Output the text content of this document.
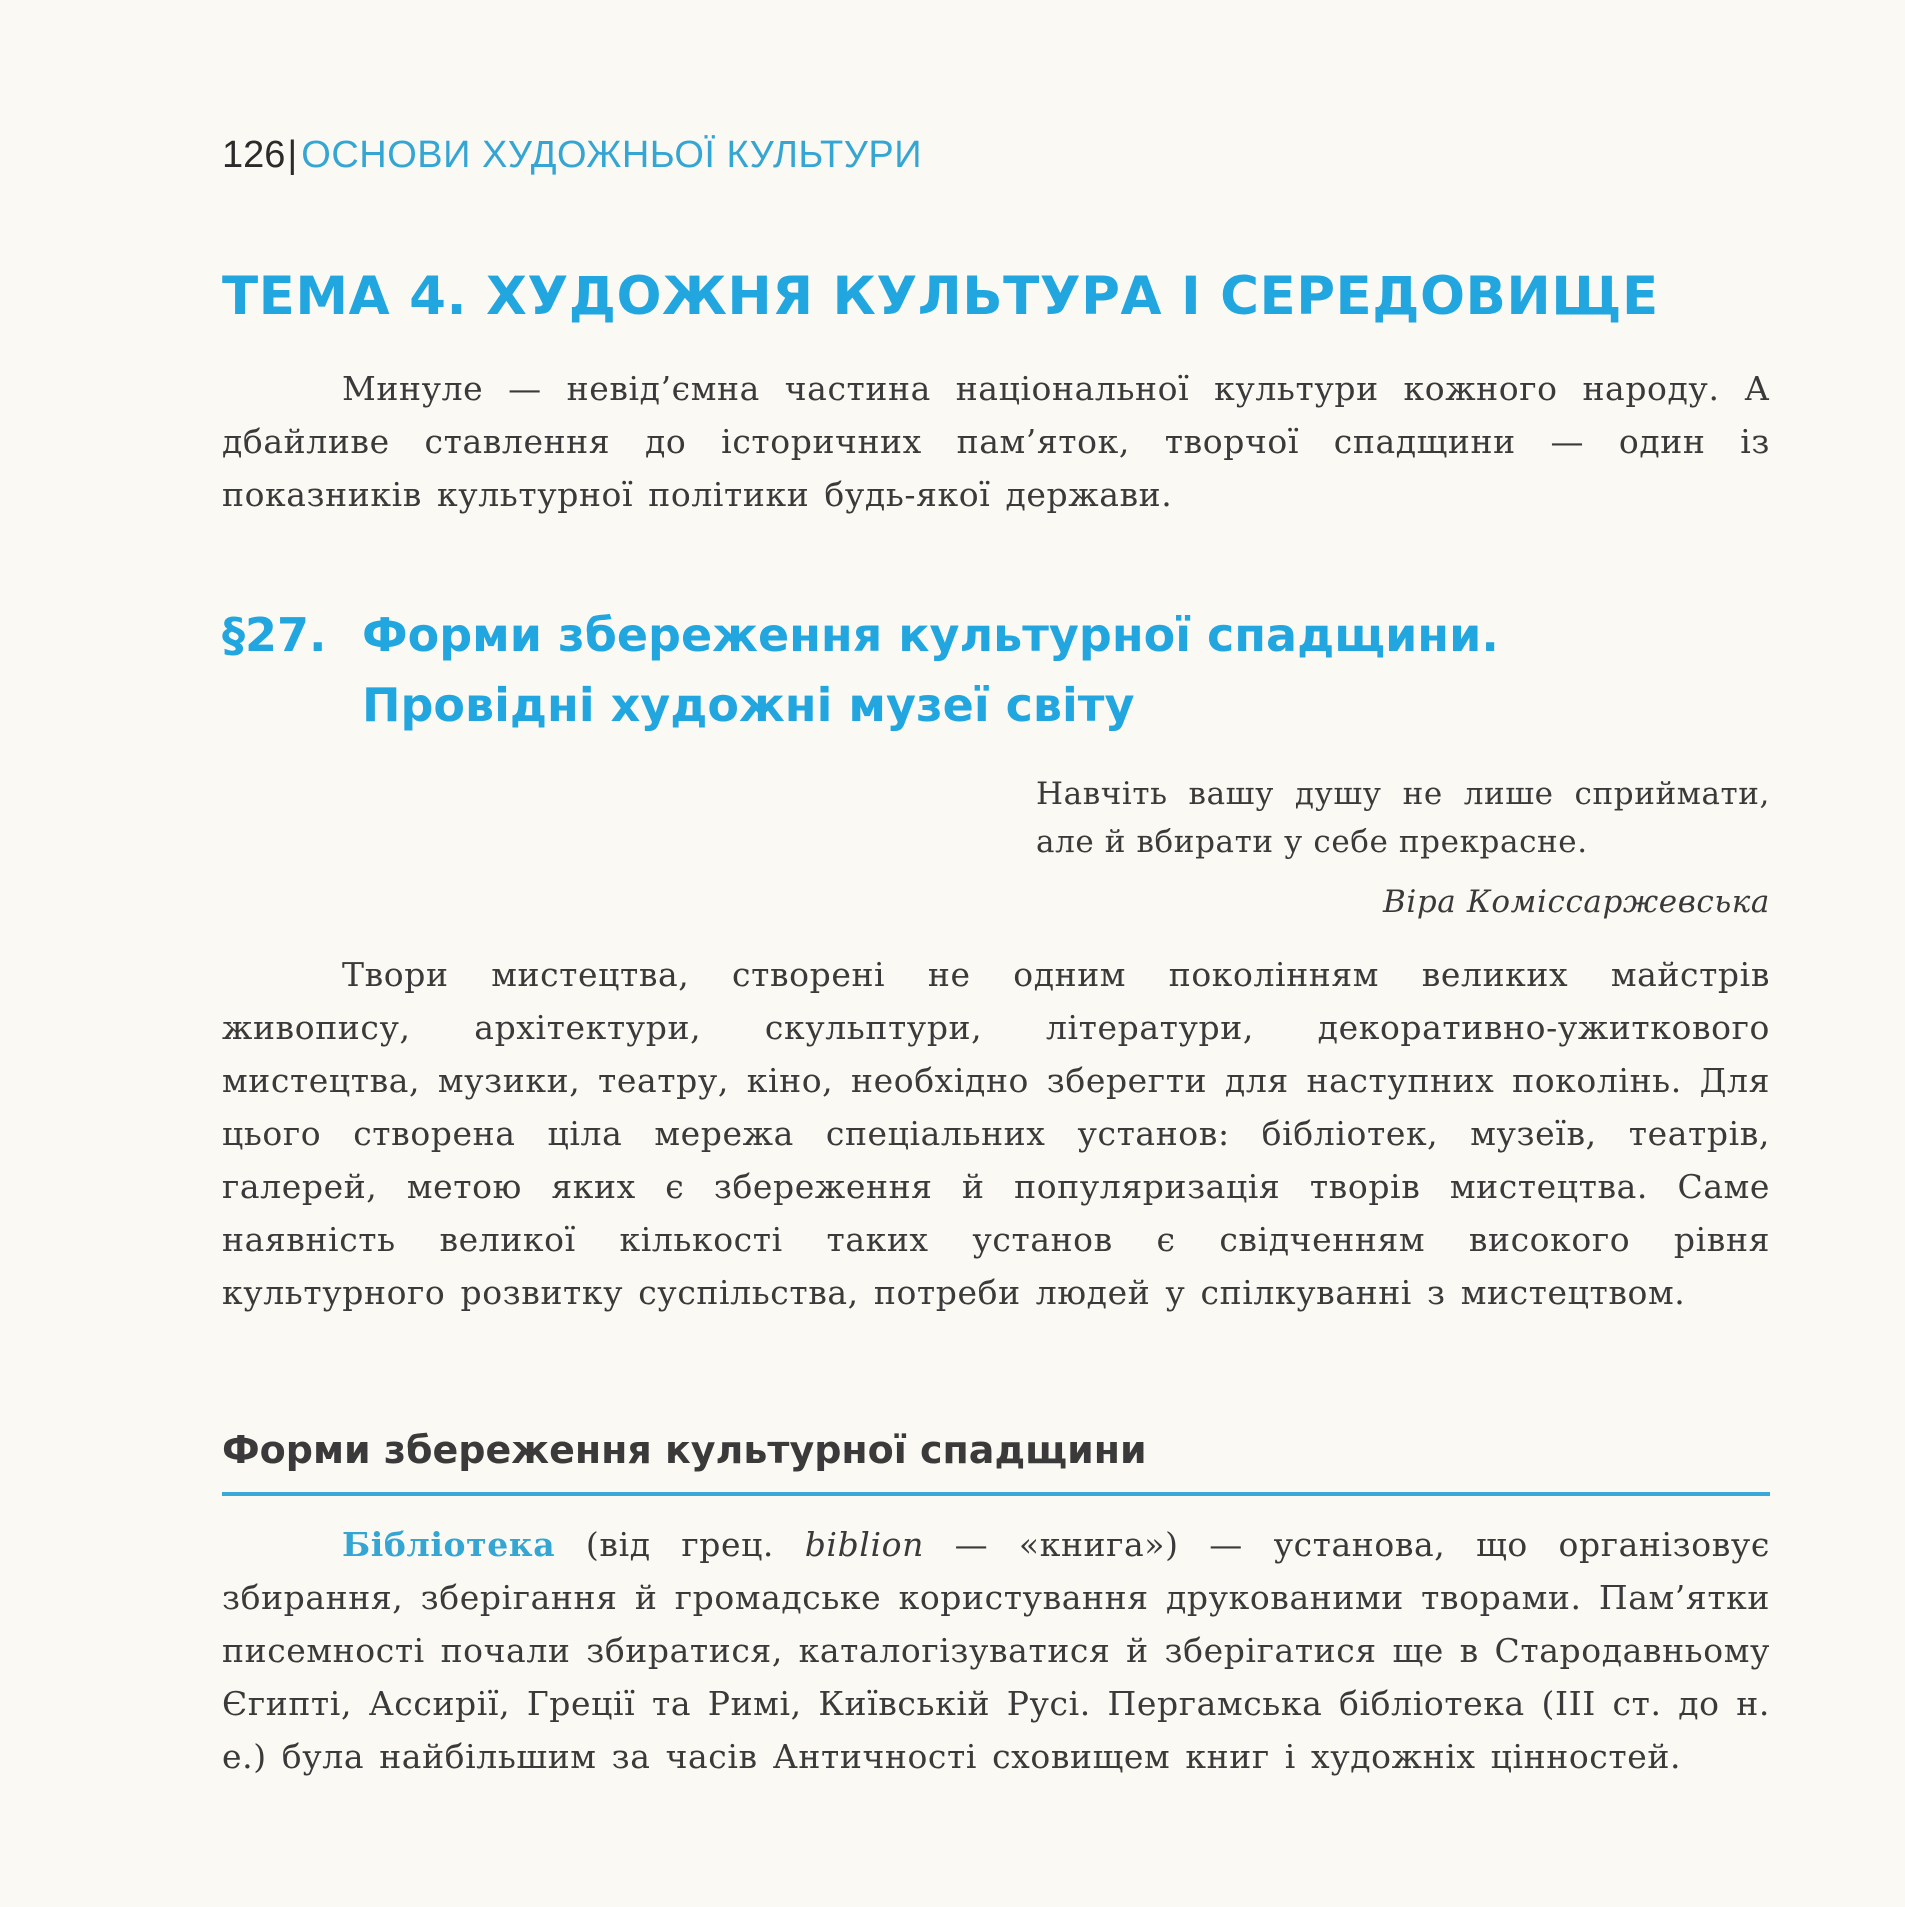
126| ОСНОВИ ХУДОЖНЬОЇ КУЛЬТУРИ
ТЕМА 4. ХУДОЖНЯ КУЛЬТУРА І СЕРЕДОВИЩЕ

Минуле — невід’ємна частина національної культури кожного народу. А дбайливе ставлення до історичних пам’яток, творчої спадщини — один із показників культурної політики будь-якої держави.

§27. Форми збереження культурної спадщини.
Провідні художні музеї світу
Навчіть вашу душу не лише сприймати, але й вбирати у себе прекрасне.
Віра Коміссаржевська

Твори мистецтва, створені не одним поколінням великих майстрів живопису, архітектури, скульптури, літератури, декоративно-ужиткового мистецтва, музики, театру, кіно, необхідно зберегти для наступних поколінь. Для цього створена ціла мережа спеціальних установ: бібліотек, музеїв, театрів, галерей, метою яких є збереження й популяризація творів мистецтва. Саме наявність великої кількості таких установ є свідченням високого рівня культурного розвитку суспільства, потреби людей у спілкуванні з мистецтвом.

Форми збереження культурної спадщини

Бібліотека (від грец. biblion — «книга») — установа, що організовує збирання, зберігання й громадське користування друкованими творами. Пам’ятки писемності почали збиратися, каталогізуватися й зберігатися ще в Стародавньому Єгипті, Ассирії, Греції та Римі, Київській Русі. Пергамська бібліотека (ІІІ ст. до н. е.) була найбільшим за часів Античності сховищем книг і художніх цінностей.
